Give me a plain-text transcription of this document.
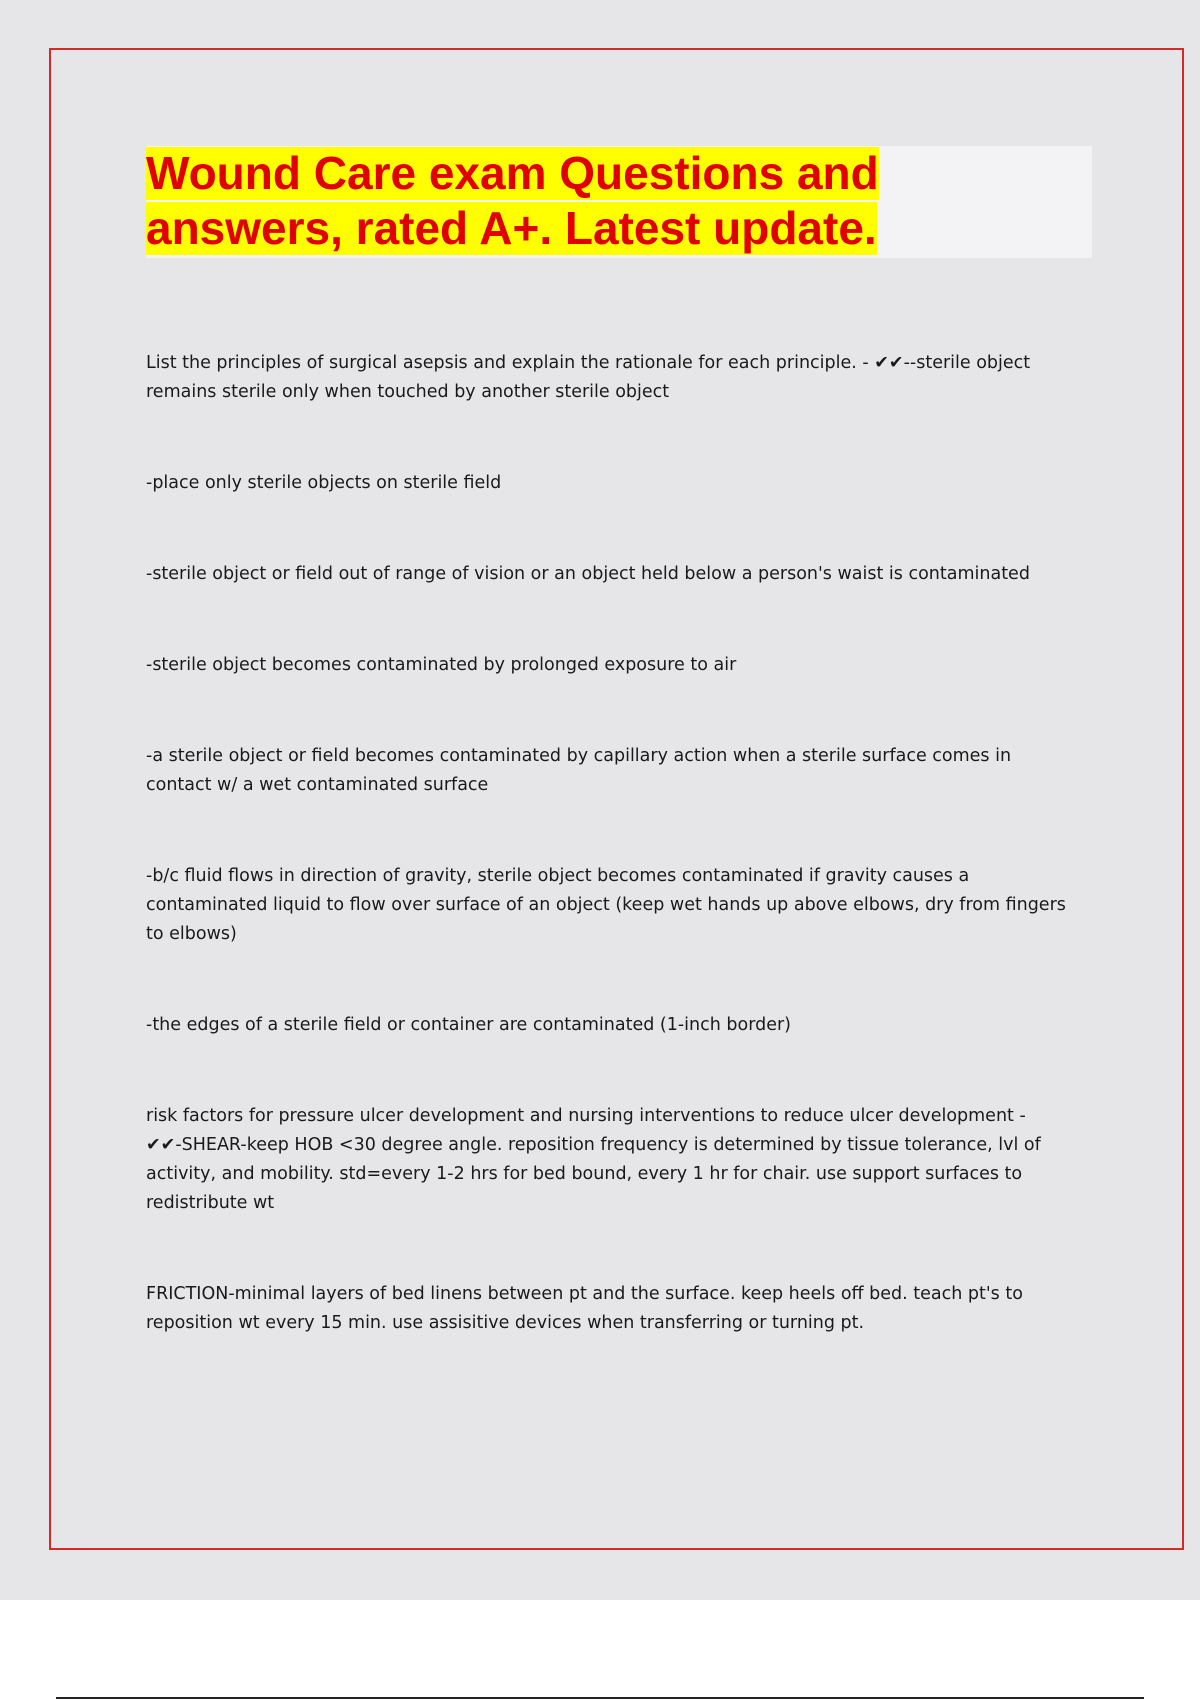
Wound Care exam Questions and answers, rated A+. Latest update.

List the principles of surgical asepsis and explain the rationale for each principle. - ✔✔--sterile object remains sterile only when touched by another sterile object

-place only sterile objects on sterile field

-sterile object or field out of range of vision or an object held below a person's waist is contaminated

-sterile object becomes contaminated by prolonged exposure to air

-a sterile object or field becomes contaminated by capillary action when a sterile surface comes in contact w/ a wet contaminated surface

-b/c fluid flows in direction of gravity, sterile object becomes contaminated if gravity causes a contaminated liquid to flow over surface of an object (keep wet hands up above elbows, dry from fingers to elbows)

-the edges of a sterile field or container are contaminated (1-inch border)

risk factors for pressure ulcer development and nursing interventions to reduce ulcer development - ✔✔-SHEAR-keep HOB <30 degree angle. reposition frequency is determined by tissue tolerance, lvl of activity, and mobility. std=every 1-2 hrs for bed bound, every 1 hr for chair. use support surfaces to redistribute wt

FRICTION-minimal layers of bed linens between pt and the surface. keep heels off bed. teach pt's to reposition wt every 15 min. use assisitive devices when transferring or turning pt.
